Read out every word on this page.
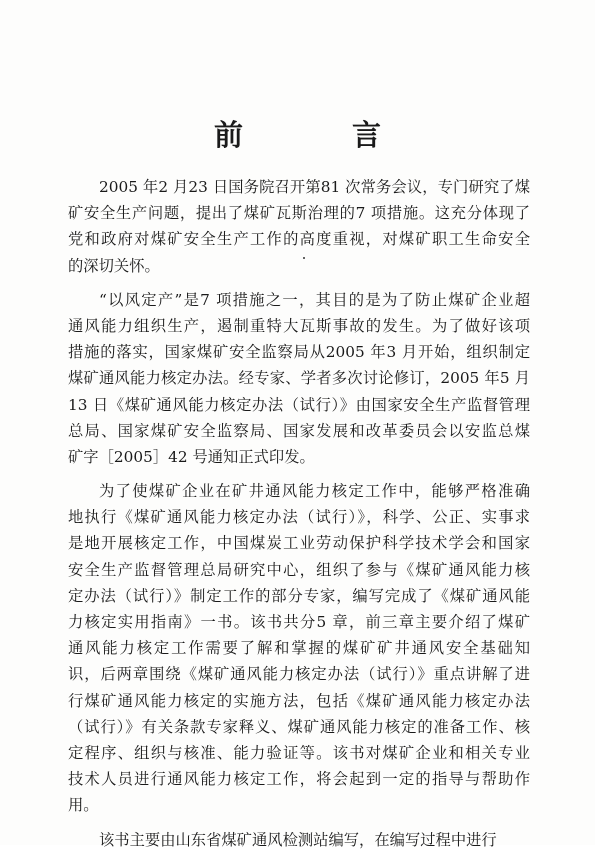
前　言
2005 年2 月23 日国务院召开第81 次常务会议，专门研究了煤
矿安全生产问题，提出了煤矿瓦斯治理的7 项措施。这充分体现了
党和政府对煤矿安全生产工作的高度重视，对煤矿职工生命安全
的深切关怀。
“以风定产”是7 项措施之一，其目的是为了防止煤矿企业超
通风能力组织生产，遏制重特大瓦斯事故的发生。为了做好该项
措施的落实，国家煤矿安全监察局从2005 年3 月开始，组织制定
煤矿通风能力核定办法。经专家、学者多次讨论修订，2005 年5 月
13 日《煤矿通风能力核定办法（试行）》由国家安全生产监督管理
总局、国家煤矿安全监察局、国家发展和改革委员会以安监总煤
矿字［2005］42 号通知正式印发。
为了使煤矿企业在矿井通风能力核定工作中，能够严格准确
地执行《煤矿通风能力核定办法（试行）》，科学、公正、实事求
是地开展核定工作，中国煤炭工业劳动保护科学技术学会和国家
安全生产监督管理总局研究中心，组织了参与《煤矿通风能力核
定办法（试行）》制定工作的部分专家，编写完成了《煤矿通风能
力核定实用指南》一书。该书共分5 章，前三章主要介绍了煤矿
通风能力核定工作需要了解和掌握的煤矿矿井通风安全基础知
识，后两章围绕《煤矿通风能力核定办法（试行）》重点讲解了进
行煤矿通风能力核定的实施方法，包括《煤矿通风能力核定办法
（试行）》有关条款专家释义、煤矿通风能力核定的准备工作、核
定程序、组织与核准、能力验证等。该书对煤矿企业和相关专业
技术人员进行通风能力核定工作，将会起到一定的指导与帮助作
用。
该书主要由山东省煤矿通风检测站编写，在编写过程中进行
